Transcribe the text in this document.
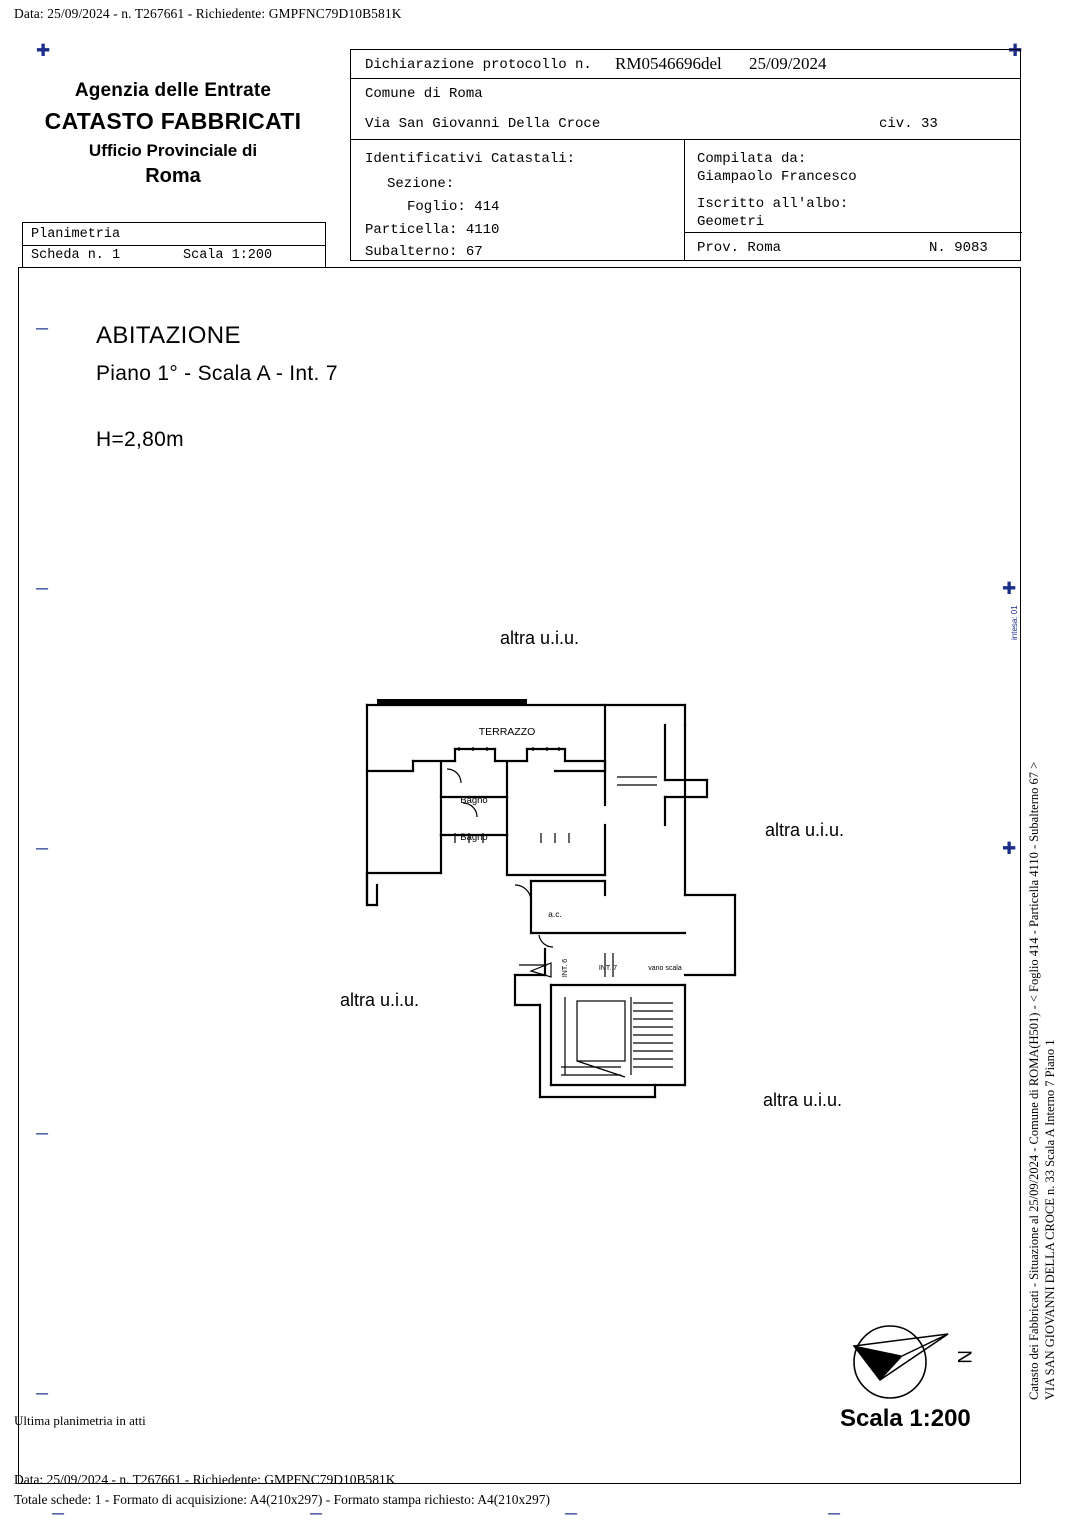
Data: 25/09/2024 - n. T267661 - Richiedente: GMPFNC79D10B581K
✚	✚
─
─
─
─
─
✚
✚
─	─	─	─
Agenzia delle Entrate
CATASTO FABBRICATI
Ufficio Provinciale di
Roma
Planimetria
Scheda n. 1	Scala 1:200
Dichiarazione protocollo n. RM0546696del 25/09/2024
Comune di Roma
Via San Giovanni Della Croce	civ. 33
Identificativi Catastali:
Sezione:
Foglio: 414
Particella: 4110
Subalterno: 67
Compilata da:
Giampaolo Francesco
Iscritto all'albo:
Geometri
Prov. Roma	N. 9083
ABITAZIONE
Piano 1° - Scala A - Int. 7
H=2,80m
altra u.i.u.
altra u.i.u.
altra u.i.u.
altra u.i.u.
TERRAZZO
Bagno
Bagno
a.c.
INT. 7	vano scala
INT. 6
N
Scala 1:200
Catasto dei Fabbricati - Situazione al 25/09/2024 - Comune di ROMA(H501) - < Foglio 414 - Particella 4110 - Subalterno 67 > VIA SAN GIOVANNI DELLA CROCE n. 33 Scala A Interno 7 Piano 1
intesa: 01
Ultima planimetria in atti
Data: 25/09/2024 - n. T267661 - Richiedente: GMPFNC79D10B581K
Totale schede: 1 - Formato di acquisizione: A4(210x297) - Formato stampa richiesto: A4(210x297)
